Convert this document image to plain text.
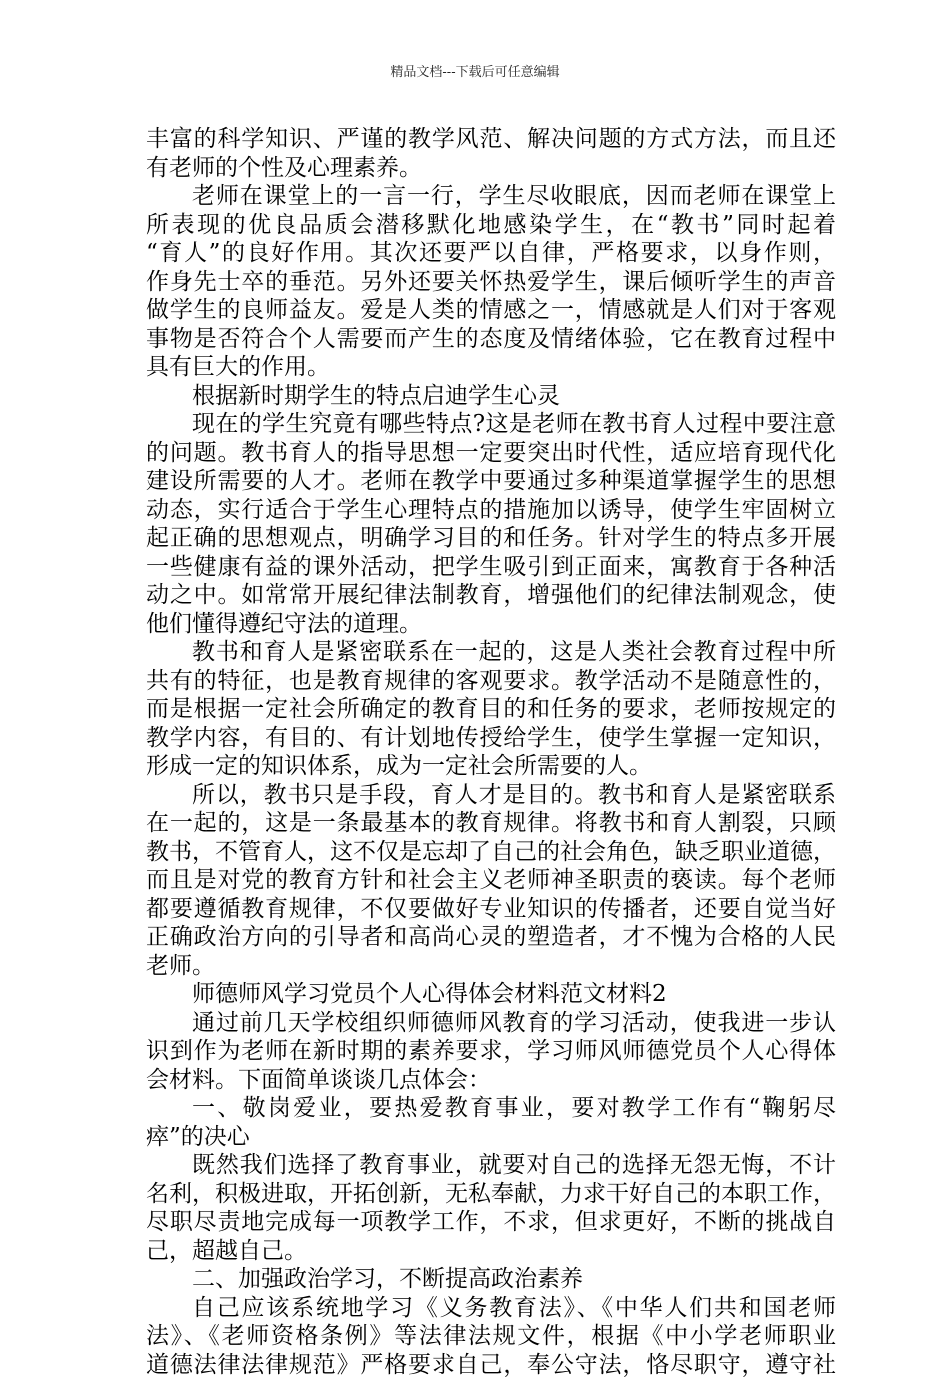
精品文档---下载后可任意编辑
丰富的科学知识、严谨的教学风范、解决问题的方式方法，而且还
有老师的个性及心理素养。
老师在课堂上的一言一行，学生尽收眼底，因而老师在课堂上
所表现的优良品质会潜移默化地感染学生，在“教书”同时起着
“育人”的良好作用。其次还要严以自律，严格要求，以身作则，
作身先士卒的垂范。另外还要关怀热爱学生，课后倾听学生的声音
做学生的良师益友。爱是人类的情感之一，情感就是人们对于客观
事物是否符合个人需要而产生的态度及情绪体验，它在教育过程中
具有巨大的作用。
根据新时期学生的特点启迪学生心灵
现在的学生究竟有哪些特点?这是老师在教书育人过程中要注意
的问题。教书育人的指导思想一定要突出时代性，适应培育现代化
建设所需要的人才。老师在教学中要通过多种渠道掌握学生的思想
动态，实行适合于学生心理特点的措施加以诱导，使学生牢固树立
起正确的思想观点，明确学习目的和任务。针对学生的特点多开展
一些健康有益的课外活动，把学生吸引到正面来，寓教育于各种活
动之中。如常常开展纪律法制教育，增强他们的纪律法制观念，使
他们懂得遵纪守法的道理。
教书和育人是紧密联系在一起的，这是人类社会教育过程中所
共有的特征，也是教育规律的客观要求。教学活动不是随意性的，
而是根据一定社会所确定的教育目的和任务的要求，老师按规定的
教学内容，有目的、有计划地传授给学生，使学生掌握一定知识，
形成一定的知识体系，成为一定社会所需要的人。
所以，教书只是手段，育人才是目的。教书和育人是紧密联系
在一起的，这是一条最基本的教育规律。将教书和育人割裂，只顾
教书，不管育人，这不仅是忘却了自己的社会角色，缺乏职业道德，
而且是对党的教育方针和社会主义老师神圣职责的亵读。每个老师
都要遵循教育规律，不仅要做好专业知识的传播者，还要自觉当好
正确政治方向的引导者和高尚心灵的塑造者，才不愧为合格的人民
老师。
师德师风学习党员个人心得体会材料范文材料2
通过前几天学校组织师德师风教育的学习活动，使我进一步认
识到作为老师在新时期的素养要求，学习师风师德党员个人心得体
会材料。下面简单谈谈几点体会：
一、敬岗爱业，要热爱教育事业，要对教学工作有“鞠躬尽
瘁”的决心
既然我们选择了教育事业，就要对自己的选择无怨无悔，不计
名利，积极进取，开拓创新，无私奉献，力求干好自己的本职工作，
尽职尽责地完成每一项教学工作，不求，但求更好，不断的挑战自
己，超越自己。
二、加强政治学习，不断提高政治素养
自己应该系统地学习《义务教育法》、《中华人们共和国老师
法》、《老师资格条例》等法律法规文件，根据《中小学老师职业
道德法律法律规范》严格要求自己，奉公守法，恪尽职守，遵守社
